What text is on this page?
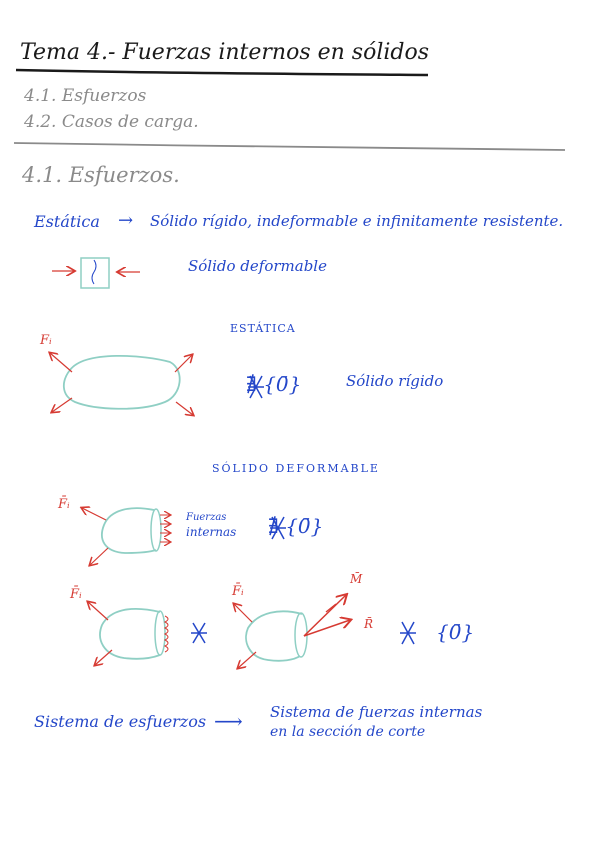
Tema 4.- Fuerzas internos en sólidos
4.1. Esfuerzos
4.2. Casos de carga.
4.1. Esfuerzos.
Estática → Sólido rígido, indeformable e infinitamente resistente.
Sólido deformable
ESTÁTICA
Fᵢ
∄ {0̄}	Sólido rígido
SÓLIDO DEFORMABLE
F̄ᵢ
Fuerzas
internas ∄ {0̄}
F̄ᵢ	F̄ᵢ
M̄
R̄	{0̄}
Sistema de esfuerzos ⟶ Sistema de fuerzas internas
en la sección de corte
